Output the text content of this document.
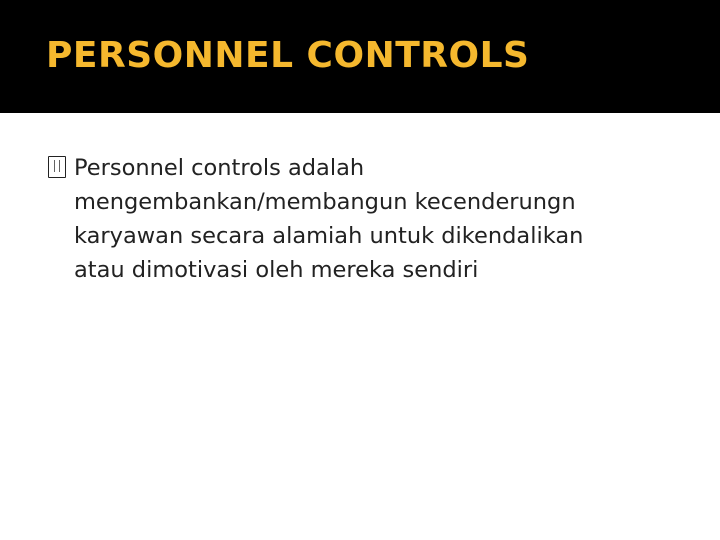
PERSONNEL CONTROLS
Personnel controls adalah
mengembankan/membangun kecenderungn
karyawan secara alamiah untuk dikendalikan
atau dimotivasi oleh mereka sendiri
